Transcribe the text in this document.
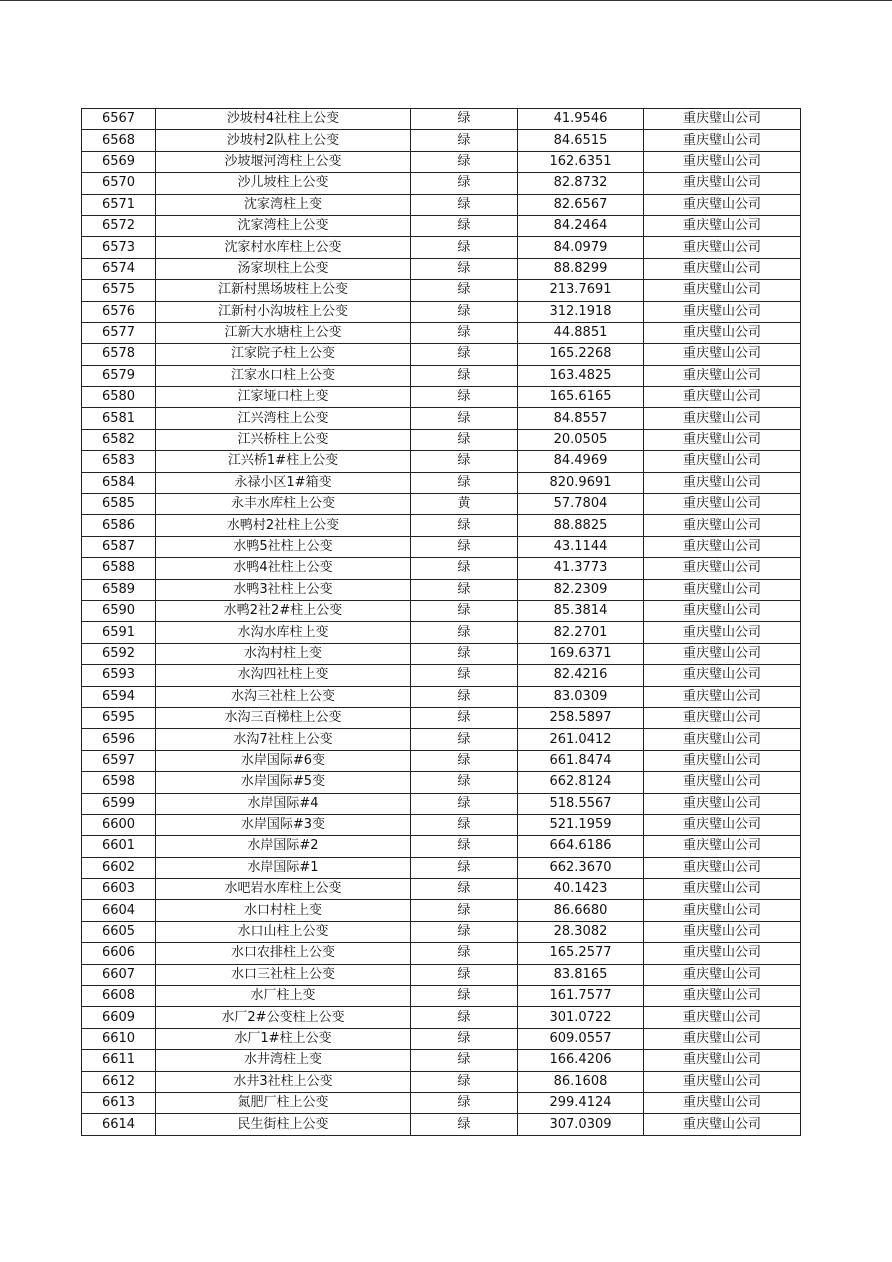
6567	沙坡村4社柱上公变	绿	41.9546	重庆璧山公司
6568	沙坡村2队柱上公变	绿	84.6515	重庆璧山公司
6569	沙坡堰河湾柱上公变	绿	162.6351	重庆璧山公司
6570	沙儿坡柱上公变	绿	82.8732	重庆璧山公司
6571	沈家湾柱上变	绿	82.6567	重庆璧山公司
6572	沈家湾柱上公变	绿	84.2464	重庆璧山公司
6573	沈家村水库柱上公变	绿	84.0979	重庆璧山公司
6574	汤家坝柱上公变	绿	88.8299	重庆璧山公司
6575	江新村黑场坡柱上公变	绿	213.7691	重庆璧山公司
6576	江新村小沟坡柱上公变	绿	312.1918	重庆璧山公司
6577	江新大水塘柱上公变	绿	44.8851	重庆璧山公司
6578	江家院子柱上公变	绿	165.2268	重庆璧山公司
6579	江家水口柱上公变	绿	163.4825	重庆璧山公司
6580	江家垭口柱上变	绿	165.6165	重庆璧山公司
6581	江兴湾柱上公变	绿	84.8557	重庆璧山公司
6582	江兴桥柱上公变	绿	20.0505	重庆璧山公司
6583	江兴桥1#柱上公变	绿	84.4969	重庆璧山公司
6584	永禄小区1#箱变	绿	820.9691	重庆璧山公司
6585	永丰水库柱上公变	黄	57.7804	重庆璧山公司
6586	水鸭村2社柱上公变	绿	88.8825	重庆璧山公司
6587	水鸭5社柱上公变	绿	43.1144	重庆璧山公司
6588	水鸭4社柱上公变	绿	41.3773	重庆璧山公司
6589	水鸭3社柱上公变	绿	82.2309	重庆璧山公司
6590	水鸭2社2#柱上公变	绿	85.3814	重庆璧山公司
6591	水沟水库柱上变	绿	82.2701	重庆璧山公司
6592	水沟村柱上变	绿	169.6371	重庆璧山公司
6593	水沟四社柱上变	绿	82.4216	重庆璧山公司
6594	水沟三社柱上公变	绿	83.0309	重庆璧山公司
6595	水沟三百梯柱上公变	绿	258.5897	重庆璧山公司
6596	水沟7社柱上公变	绿	261.0412	重庆璧山公司
6597	水岸国际#6变	绿	661.8474	重庆璧山公司
6598	水岸国际#5变	绿	662.8124	重庆璧山公司
6599	水岸国际#4	绿	518.5567	重庆璧山公司
6600	水岸国际#3变	绿	521.1959	重庆璧山公司
6601	水岸国际#2	绿	664.6186	重庆璧山公司
6602	水岸国际#1	绿	662.3670	重庆璧山公司
6603	水吧岩水库柱上公变	绿	40.1423	重庆璧山公司
6604	水口村柱上变	绿	86.6680	重庆璧山公司
6605	水口山柱上公变	绿	28.3082	重庆璧山公司
6606	水口农排柱上公变	绿	165.2577	重庆璧山公司
6607	水口三社柱上公变	绿	83.8165	重庆璧山公司
6608	水厂柱上变	绿	161.7577	重庆璧山公司
6609	水厂2#公变柱上公变	绿	301.0722	重庆璧山公司
6610	水厂1#柱上公变	绿	609.0557	重庆璧山公司
6611	水井湾柱上变	绿	166.4206	重庆璧山公司
6612	水井3社柱上公变	绿	86.1608	重庆璧山公司
6613	氮肥厂柱上公变	绿	299.4124	重庆璧山公司
6614	民生街柱上公变	绿	307.0309	重庆璧山公司
